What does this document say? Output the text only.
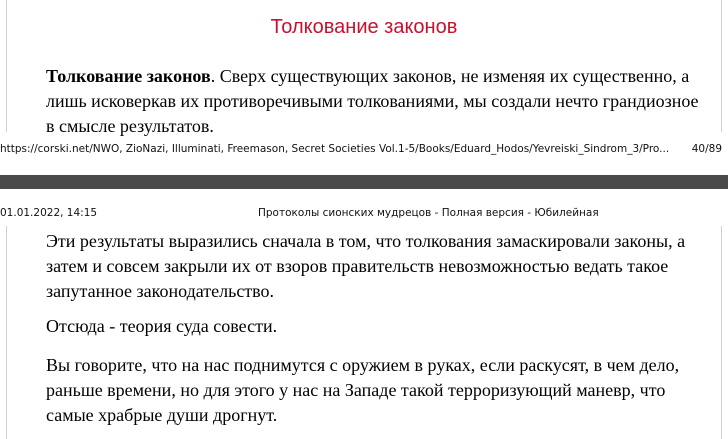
Толкование законов
Толкование законов. Сверх существующих законов, не изменяя их существенно, а лишь исковеркав их противоречивыми толкованиями, мы создали нечто грандиозное в смысле результатов.
https://corski.net/NWO, ZioNazi, Illuminati, Freemason, Secret Societies Vol.1-5/Books/Eduard_Hodos/Yevreiski_Sindrom_3/Pro... 40/89
01.01.2022, 14:15	Протоколы сионских мудрецов - Полная версия - Юбилейная
Эти результаты выразились сначала в том, что толкования замаскировали законы, а затем и совсем закрыли их от взоров правительств невозможностью ведать такое запутанное законодательство.
Отсюда - теория суда совести.
Вы говорите, что на нас поднимутся с оружием в руках, если раскусят, в чем дело, раньше времени, но для этого у нас на Западе такой терроризующий маневр, что самые храбрые души дрогнут.
